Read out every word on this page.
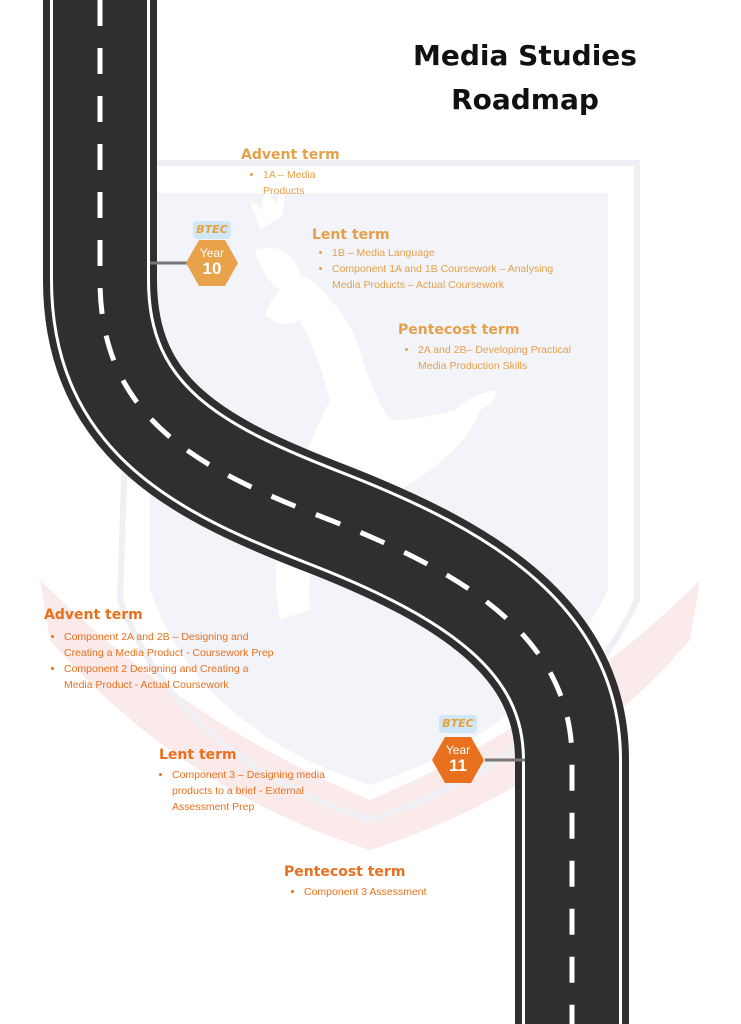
Media Studies
Roadmap
BTEC
Year
10
BTEC
Year
11
Advent term
• 1A – Media
Products
Lent term
• 1B – Media Language
• Component 1A and 1B Coursework – Analysing
Media Products – Actual Coursework
Pentecost term
• 2A and 2B– Developing Practical
Media Production Skills
Advent term
• Component 2A and 2B – Designing and
Creating a Media Product - Coursework Prep
• Component 2 Designing and Creating a
Media Product - Actual Coursework
Lent term
• Component 3 – Designing media
products to a brief - External
Assessment Prep
Pentecost term
• Component 3 Assessment
